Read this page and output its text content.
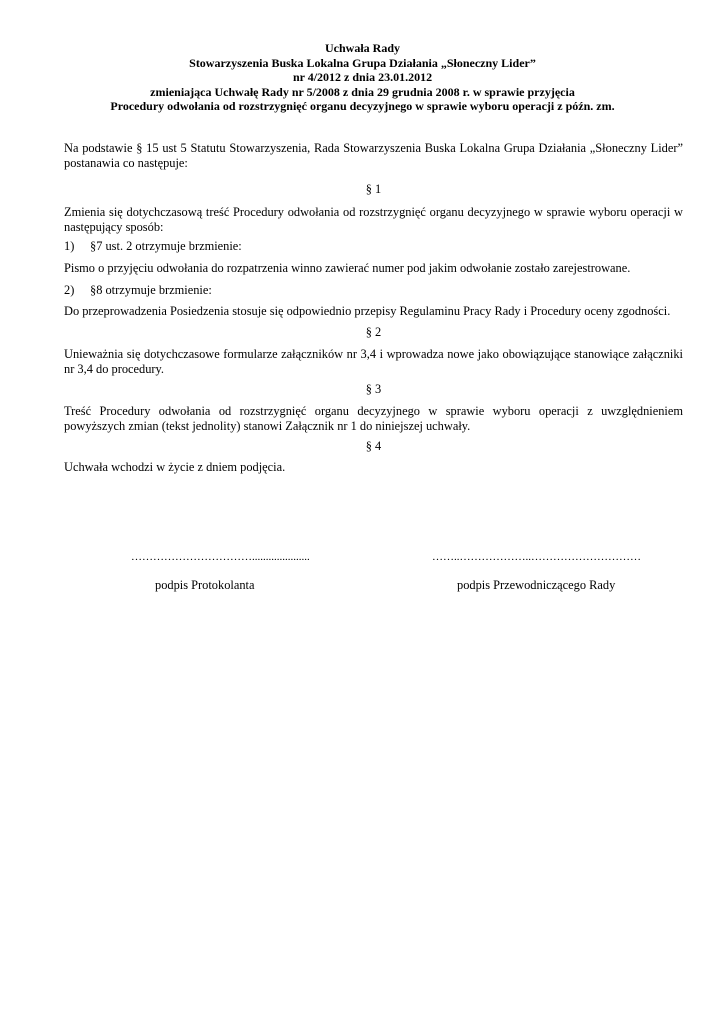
Uchwała Rady
Stowarzyszenia Buska Lokalna Grupa Działania „Słoneczny Lider”
nr 4/2012 z dnia 23.01.2012
zmieniająca Uchwałę Rady nr 5/2008 z dnia 29 grudnia 2008 r. w sprawie przyjęcia
Procedury odwołania od rozstrzygnięć organu decyzyjnego w sprawie wyboru operacji z późn. zm.
Na podstawie § 15 ust 5 Statutu Stowarzyszenia, Rada Stowarzyszenia Buska Lokalna Grupa Działania „Słoneczny Lider” postanawia co następuje:
§ 1
Zmienia się dotychczasową treść Procedury odwołania od rozstrzygnięć organu decyzyjnego w sprawie wyboru operacji w następujący sposób:
1) §7 ust. 2 otrzymuje brzmienie:
Pismo o przyjęciu odwołania do rozpatrzenia winno zawierać numer pod jakim odwołanie zostało zarejestrowane.
2) §8 otrzymuje brzmienie:
Do przeprowadzenia Posiedzenia stosuje się odpowiednio przepisy Regulaminu Pracy Rady i Procedury oceny zgodności.
§ 2
Unieważnia się dotychczasowe formularze załączników nr 3,4 i wprowadza nowe jako obowiązujące stanowiące załączniki nr 3,4 do procedury.
§ 3
Treść Procedury odwołania od rozstrzygnięć organu decyzyjnego w sprawie wyboru operacji z uwzględnieniem powyższych zmian (tekst jednolity) stanowi Załącznik nr 1 do niniejszej uchwały.
§ 4
Uchwała wchodzi w życie z dniem podjęcia.
…………………………….....................
podpis Protokolanta
……..………………..…………………………
podpis Przewodniczącego Rady
